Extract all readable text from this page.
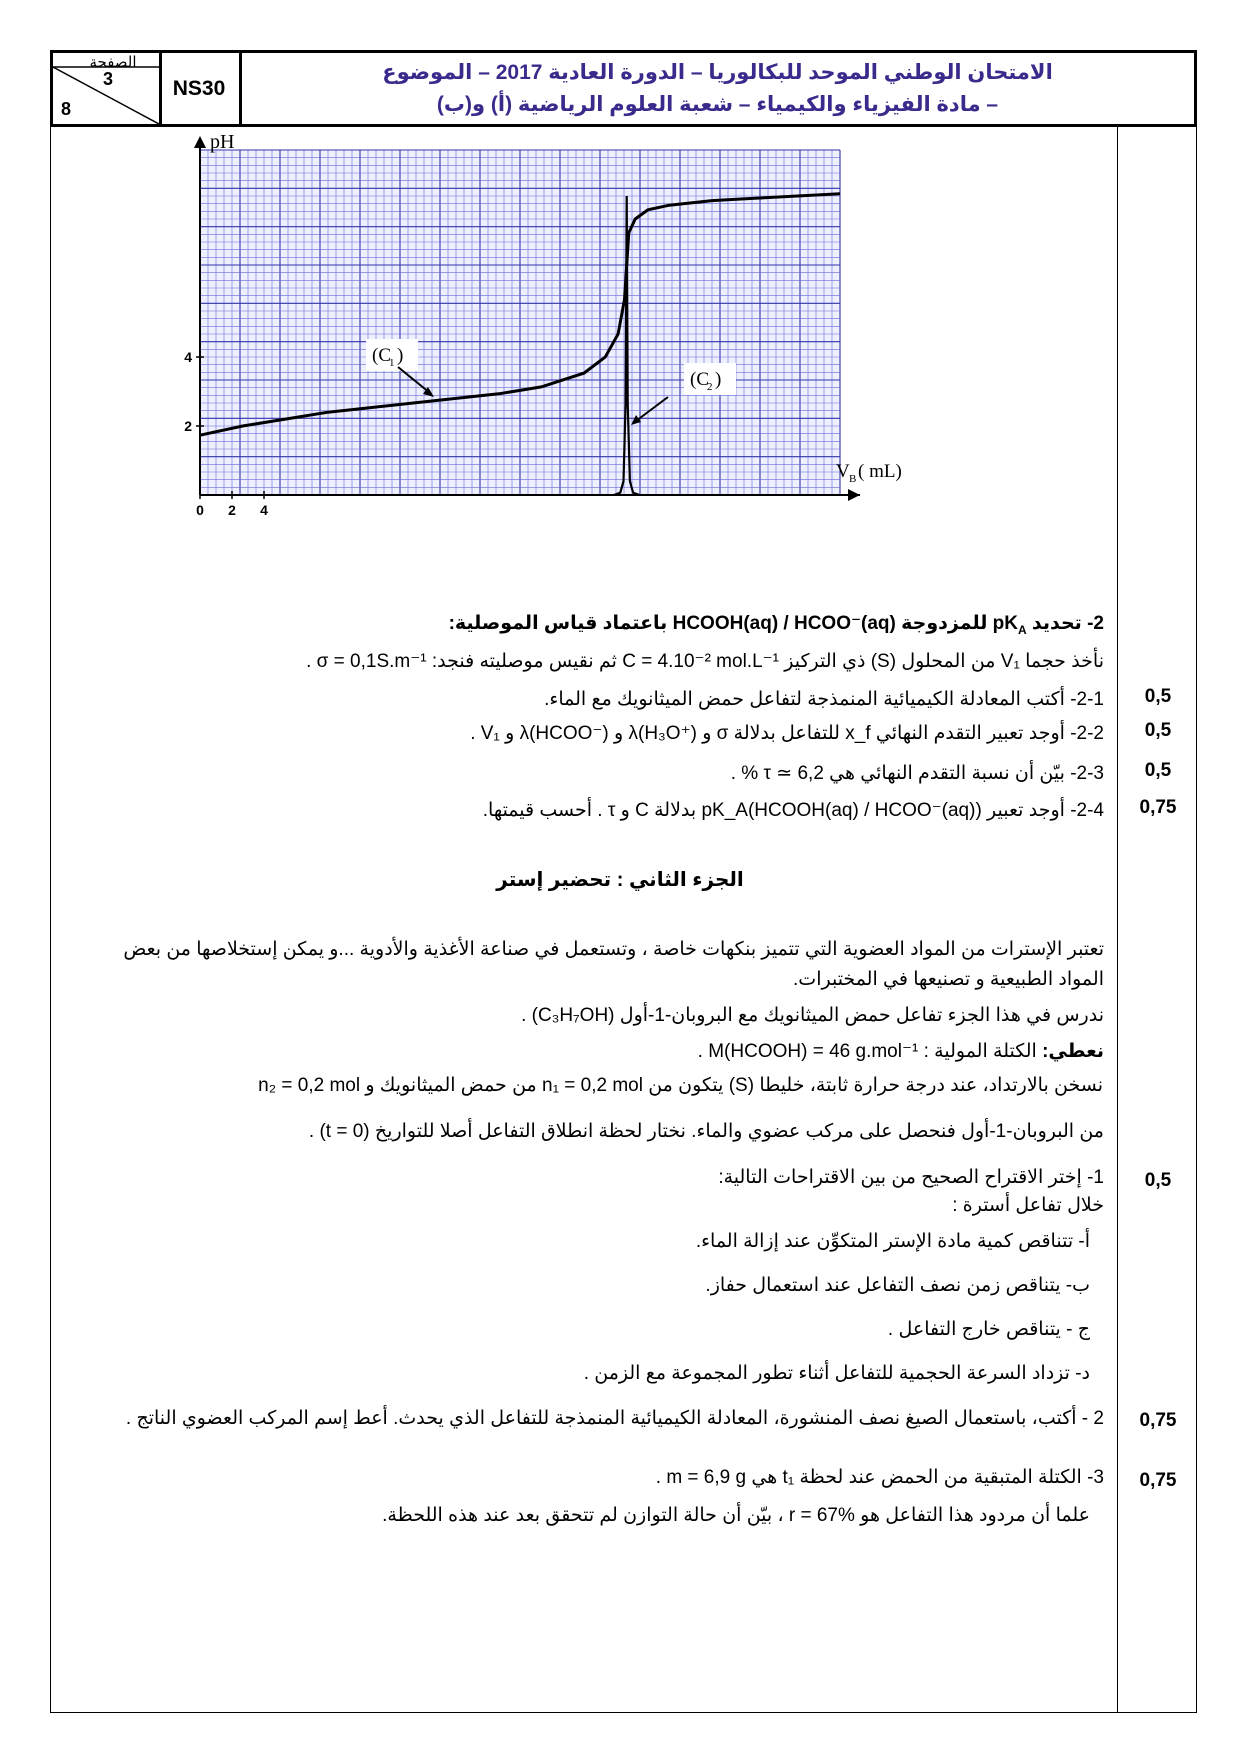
الصفحة
3
8
NS30
الامتحان الوطني الموحد للبكالوريا – الدورة العادية 2017 – الموضوع
– مادة الفيزياء والكيمياء – شعبة العلوم الرياضية (أ) و(ب)
0 2 4
2
4
pH
V B ( mL)
(C
1 )
(C
2 )
2- تحديد $pK_A$ للمزدوجة HCOOH(aq) / HCOO⁻(aq) باعتماد قياس الموصلية:
نأخذ حجما V₁ من المحلول (S) ذي التركيز C = 4.10⁻² mol.L⁻¹ ثم نقيس موصليته فنجد: σ = 0,1S.m⁻¹ .
2-1- أكتب المعادلة الكيميائية المنمذجة لتفاعل حمض الميثانويك مع الماء.	0,5
2-2- أوجد تعبير التقدم النهائي x_f للتفاعل بدلالة σ و λ(H₃O⁺) و λ(HCOO⁻) و V₁ .	0,5
2-3- بيّن أن نسبة التقدم النهائي هي τ ≃ 6,2 % .	0,5
2-4- أوجد تعبير pK_A(HCOOH(aq) / HCOO⁻(aq)) بدلالة C و τ . أحسب قيمتها.	0,75
الجزء الثاني : تحضير إستر
تعتبر الإسترات من المواد العضوية التي تتميز بنكهات خاصة ، وتستعمل في صناعة الأغذية والأدوية ...و يمكن إستخلاصها من بعض المواد الطبيعية و تصنيعها في المختبرات.
ندرس في هذا الجزء تفاعل حمض الميثانويك مع البروبان-1-أول (C₃H₇OH) .
نعطي: الكتلة المولية : M(HCOOH) = 46 g.mol⁻¹ .
نسخن بالارتداد، عند درجة حرارة ثابتة، خليطا (S) يتكون من n₁ = 0,2 mol من حمض الميثانويك و n₂ = 0,2 mol
من البروبان-1-أول فنحصل على مركب عضوي والماء. نختار لحظة انطلاق التفاعل أصلا للتواريخ (t = 0) .
1- إختر الاقتراح الصحيح من بين الاقتراحات التالية:	0,5
خلال تفاعل أسترة :
أ- تتناقص كمية مادة الإستر المتكوِّن عند إزالة الماء.
ب- يتناقص زمن نصف التفاعل عند استعمال حفاز.
ج - يتناقص خارج التفاعل .
د- تزداد السرعة الحجمية للتفاعل أثناء تطور المجموعة مع الزمن .
2 - أكتب، باستعمال الصيغ نصف المنشورة، المعادلة الكيميائية المنمذجة للتفاعل الذي يحدث. أعط إسم المركب العضوي الناتج .	0,75
3- الكتلة المتبقية من الحمض عند لحظة t₁ هي m = 6,9 g .	0,75
علما أن مردود هذا التفاعل هو r = 67% ، بيّن أن حالة التوازن لم تتحقق بعد عند هذه اللحظة.
